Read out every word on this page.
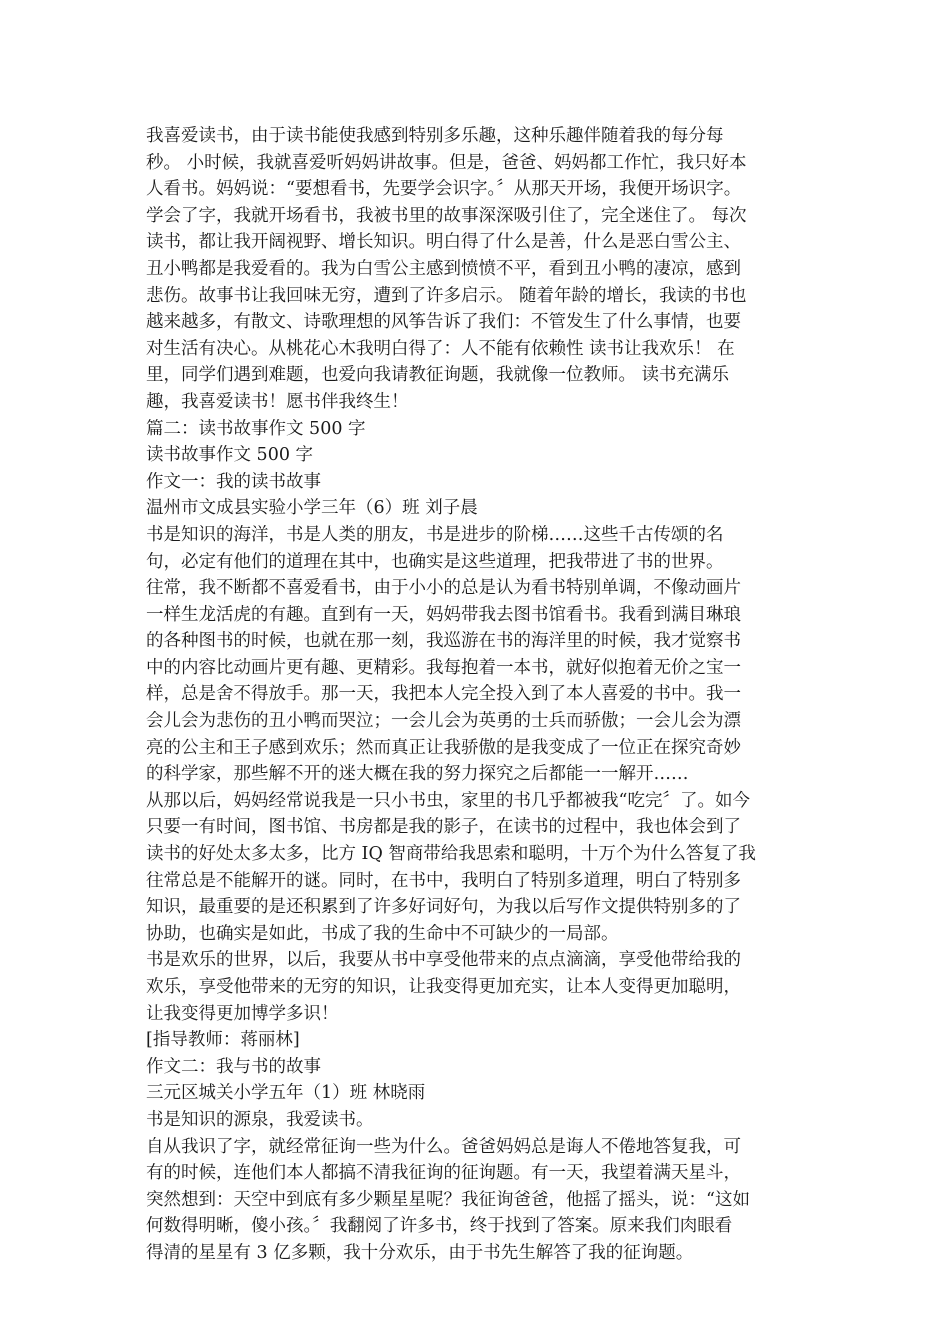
我喜爱读书，由于读书能使我感到特别多乐趣，这种乐趣伴随着我的每分每
秒。 小时候，我就喜爱听妈妈讲故事。但是，爸爸、妈妈都工作忙，我只好本
人看书。妈妈说：“要想看书，先要学会识字。〞从那天开场，我便开场识字。
学会了字，我就开场看书，我被书里的故事深深吸引住了，完全迷住了。 每次
读书，都让我开阔视野、增长知识。明白得了什么是善，什么是恶白雪公主、
丑小鸭都是我爱看的。我为白雪公主感到愤愤不平，看到丑小鸭的凄凉，感到
悲伤。故事书让我回味无穷，遭到了许多启示。 随着年龄的增长，我读的书也
越来越多，有散文、诗歌理想的风筝告诉了我们：不管发生了什么事情，也要
对生活有决心。从桃花心木我明白得了：人不能有依赖性 读书让我欢乐！ 在
里，同学们遇到难题，也爱向我请教征询题，我就像一位教师。 读书充满乐
趣，我喜爱读书！愿书伴我终生！
篇二：读书故事作文 500 字
读书故事作文 500 字
作文一：我的读书故事
温州市文成县实验小学三年（6）班 刘子晨
书是知识的海洋，书是人类的朋友，书是进步的阶梯……这些千古传颂的名
句，必定有他们的道理在其中，也确实是这些道理，把我带进了书的世界。
往常，我不断都不喜爱看书，由于小小的总是认为看书特别单调，不像动画片
一样生龙活虎的有趣。直到有一天，妈妈带我去图书馆看书。我看到满目琳琅
的各种图书的时候，也就在那一刻，我巡游在书的海洋里的时候，我才觉察书
中的内容比动画片更有趣、更精彩。我每抱着一本书，就好似抱着无价之宝一
样，总是舍不得放手。那一天，我把本人完全投入到了本人喜爱的书中。我一
会儿会为悲伤的丑小鸭而哭泣；一会儿会为英勇的士兵而骄傲；一会儿会为漂
亮的公主和王子感到欢乐；然而真正让我骄傲的是我变成了一位正在探究奇妙
的科学家，那些解不开的迷大概在我的努力探究之后都能一一解开……
从那以后，妈妈经常说我是一只小书虫，家里的书几乎都被我“吃完〞了。如今
只要一有时间，图书馆、书房都是我的影子，在读书的过程中，我也体会到了
读书的好处太多太多，比方 IQ 智商带给我思索和聪明，十万个为什么答复了我
往常总是不能解开的谜。同时，在书中，我明白了特别多道理，明白了特别多
知识，最重要的是还积累到了许多好词好句，为我以后写作文提供特别多的了
协助，也确实是如此，书成了我的生命中不可缺少的一局部。
书是欢乐的世界，以后，我要从书中享受他带来的点点滴滴，享受他带给我的
欢乐，享受他带来的无穷的知识，让我变得更加充实，让本人变得更加聪明，
让我变得更加博学多识！
[指导教师：蒋丽林]
作文二：我与书的故事
三元区城关小学五年（1）班 林晓雨
书是知识的源泉，我爱读书。
自从我识了字，就经常征询一些为什么。爸爸妈妈总是诲人不倦地答复我，可
有的时候，连他们本人都搞不清我征询的征询题。有一天，我望着满天星斗，
突然想到：天空中到底有多少颗星星呢？我征询爸爸，他摇了摇头，说：“这如
何数得明晰，傻小孩。〞我翻阅了许多书，终于找到了答案。原来我们肉眼看
得清的星星有 3 亿多颗，我十分欢乐，由于书先生解答了我的征询题。
